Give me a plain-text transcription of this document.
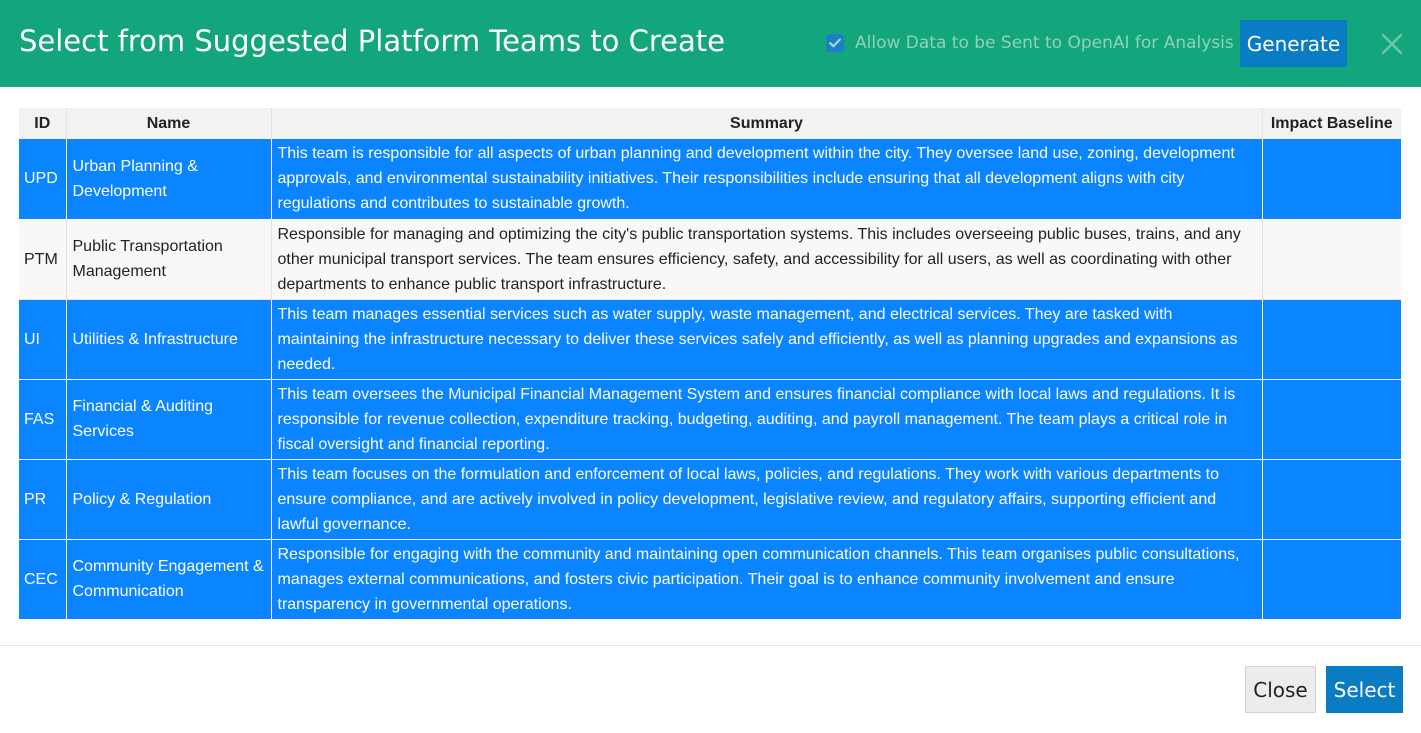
Select from Suggested Platform Teams to Create	Allow Data to be Sent to OpenAI for Analysis Generate
ID	Name	Summary	Impact Baseline
UPD	Urban Planning & Development	This team is responsible for all aspects of urban planning and development within the city. They oversee land use, zoning, development approvals, and environmental sustainability initiatives. Their responsibilities include ensuring that all development aligns with city regulations and contributes to sustainable growth.	
PTM	Public Transportation Management	Responsible for managing and optimizing the city's public transportation systems. This includes overseeing public buses, trains, and any other municipal transport services. The team ensures efficiency, safety, and accessibility for all users, as well as coordinating with other departments to enhance public transport infrastructure.	
UI	Utilities & Infrastructure	This team manages essential services such as water supply, waste management, and electrical services. They are tasked with maintaining the infrastructure necessary to deliver these services safely and efficiently, as well as planning upgrades and expansions as needed.	
FAS	Financial & Auditing Services	This team oversees the Municipal Financial Management System and ensures financial compliance with local laws and regulations. It is responsible for revenue collection, expenditure tracking, budgeting, auditing, and payroll management. The team plays a critical role in fiscal oversight and financial reporting.	
PR	Policy & Regulation	This team focuses on the formulation and enforcement of local laws, policies, and regulations. They work with various departments to ensure compliance, and are actively involved in policy development, legislative review, and regulatory affairs, supporting efficient and lawful governance.	
CEC	Community Engagement & Communication	Responsible for engaging with the community and maintaining open communication channels. This team organises public consultations, manages external communications, and fosters civic participation. Their goal is to enhance community involvement and ensure transparency in governmental operations.	
Close	Select
